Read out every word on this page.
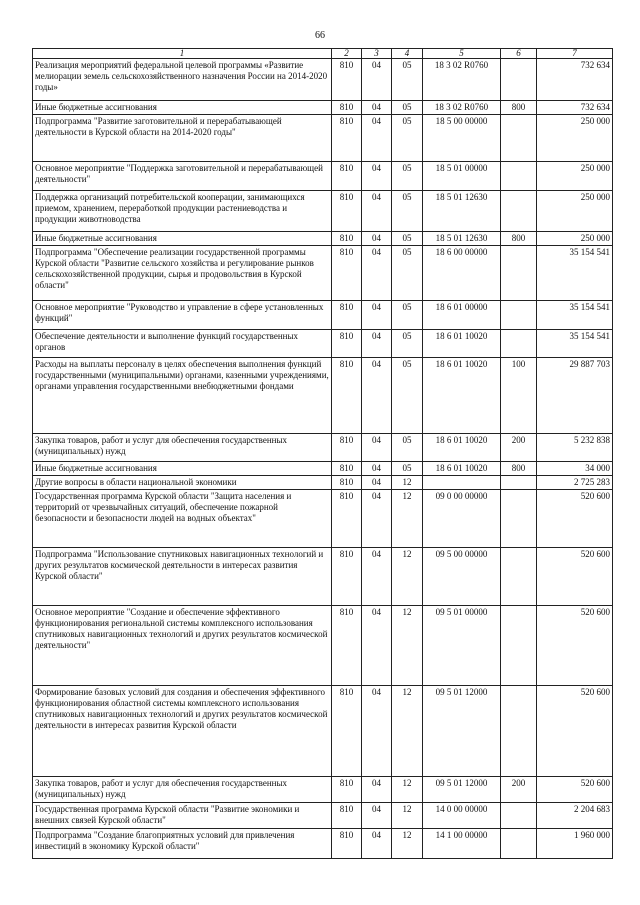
66
1	2	3	4	5	6	7
Реализация мероприятий федеральной целевой программы «Развитие мелиорации земель сельскохозяйственного назначения России на 2014-2020 годы»	810	04	05	18 3 02 R0760		732 634
Иные бюджетные ассигнования	810	04	05	18 3 02 R0760	800	732 634
Подпрограмма "Развитие заготовительной и перерабатывающей деятельности в Курской области на 2014-2020 годы"	810	04	05	18 5 00 00000		250 000
Основное мероприятие "Поддержка заготовительной и перерабатывающей деятельности"	810	04	05	18 5 01 00000		250 000
Поддержка организаций потребительской кооперации, занимающихся приемом, хранением, переработкой продукции растениеводства и продукции животноводства	810	04	05	18 5 01 12630		250 000
Иные бюджетные ассигнования	810	04	05	18 5 01 12630	800	250 000
Подпрограмма "Обеспечение реализации государственной программы Курской области "Развитие сельского хозяйства и регулирование рынков сельскохозяйственной продукции, сырья и продовольствия в Курской области"	810	04	05	18 6 00 00000		35 154 541
Основное мероприятие "Руководство и управление в сфере установленных функций"	810	04	05	18 6 01 00000		35 154 541
Обеспечение деятельности и выполнение функций государственных органов	810	04	05	18 6 01 10020		35 154 541
Расходы на выплаты персоналу в целях обеспечения выполнения функций государственными (муниципальными) органами, казенными учреждениями, органами управления государственными внебюджетными фондами	810	04	05	18 6 01 10020	100	29 887 703
Закупка товаров, работ и услуг для обеспечения государственных (муниципальных) нужд	810	04	05	18 6 01 10020	200	5 232 838
Иные бюджетные ассигнования	810	04	05	18 6 01 10020	800	34 000
Другие вопросы в области национальной экономики	810	04	12			2 725 283
Государственная программа Курской области "Защита населения и территорий от чрезвычайных ситуаций, обеспечение пожарной безопасности и безопасности людей на водных объектах"	810	04	12	09 0 00 00000		520 600
Подпрограмма "Использование спутниковых навигационных технологий и других результатов космической деятельности в интересах развития Курской области"	810	04	12	09 5 00 00000		520 600
Основное мероприятие "Создание и обеспечение эффективного функционирования региональной системы комплексного использования спутниковых навигационных технологий и других результатов космической деятельности"	810	04	12	09 5 01 00000		520 600
Формирование базовых условий для создания и обеспечения эффективного функционирования областной системы комплексного использования спутниковых навигационных технологий и других результатов космической деятельности в интересах развития Курской области	810	04	12	09 5 01 12000		520 600
Закупка товаров, работ и услуг для обеспечения государственных (муниципальных) нужд	810	04	12	09 5 01 12000	200	520 600
Государственная программа Курской области "Развитие экономики и внешних связей Курской области"	810	04	12	14 0 00 00000		2 204 683
Подпрограмма "Создание благоприятных условий для привлечения инвестиций в экономику Курской области"	810	04	12	14 1 00 00000		1 960 000
